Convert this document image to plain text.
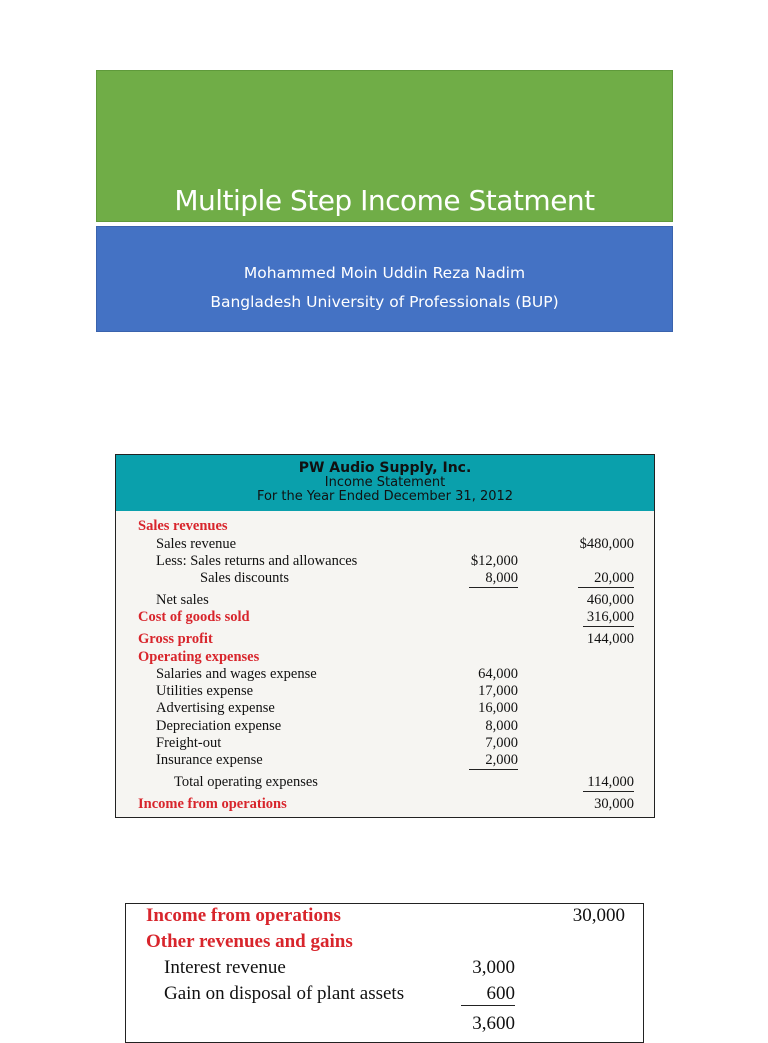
Multiple Step Income Statment
Mohammed Moin Uddin Reza Nadim
Bangladesh University of Professionals (BUP)
PW Audio Supply, Inc.
Income Statement
For the Year Ended December 31, 2012
Sales revenues
Sales revenue	$480,000
Less: Sales returns and allowances	$12,000
Sales discounts	8,000	20,000
Net sales	460,000
Cost of goods sold	316,000
Gross profit	144,000
Operating expenses
Salaries and wages expense	64,000
Utilities expense	17,000
Advertising expense	16,000
Depreciation expense	8,000
Freight-out	7,000
Insurance expense	2,000
Total operating expenses	114,000
Income from operations	30,000
Income from operations	30,000
Other revenues and gains
Interest revenue	3,000
Gain on disposal of plant assets	600
3,600
